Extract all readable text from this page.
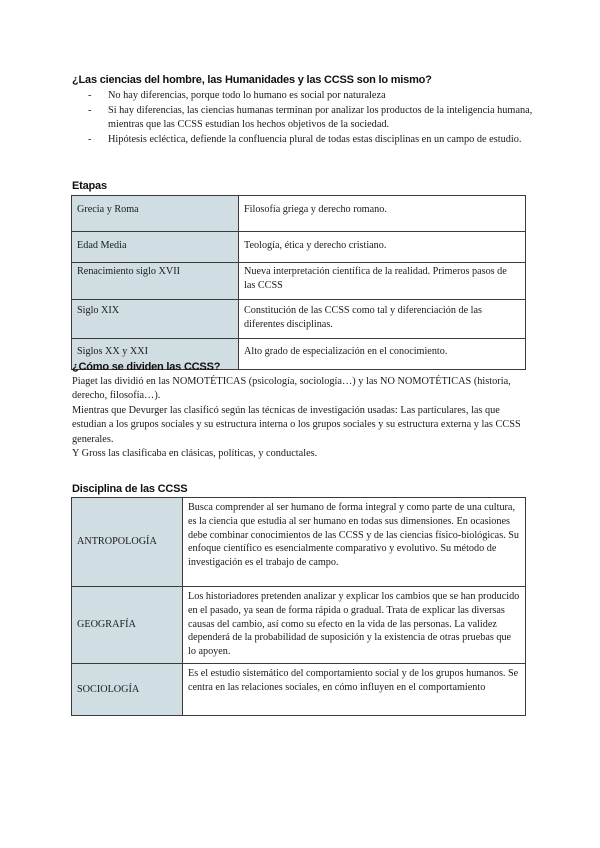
¿Las ciencias del hombre, las Humanidades y las CCSS son lo mismo?
- No hay diferencias, porque todo lo humano es social por naturaleza
- Si hay diferencias, las ciencias humanas terminan por analizar los productos de la inteligencia humana, mientras que las CCSS estudian los hechos objetivos de la sociedad.
- Hipótesis ecléctica, defiende la confluencia plural de todas estas disciplinas en un campo de estudio.
Etapas
Grecia y Roma	Filosofía griega y derecho romano.
Edad Media	Teología, ética y derecho cristiano.
Renacimiento siglo XVII	Nueva interpretación científica de la realidad. Primeros pasos de las CCSS
Siglo XIX	Constitución de las CCSS como tal y diferenciación de las diferentes disciplinas.
Siglos XX y XXI	Alto grado de especialización en el conocimiento.
¿Cómo se dividen las CCSS?

Piaget las dividió en las NOMOTÉTICAS (psicología, sociología…) y las NO NOMOTÉTICAS (historia, derecho, filosofía…).

Mientras que Devurger las clasificó según las técnicas de investigación usadas: Las particulares, las que estudian a los grupos sociales y su estructura interna o los grupos sociales y su estructura externa y las CCSS generales.

Y Gross las clasificaba en clásicas, políticas, y conductales.

Disciplina de las CCSS
ANTROPOLOGÍA	Busca comprender al ser humano de forma integral y como parte de una cultura, es la ciencia que estudia al ser humano en todas sus dimensiones. En ocasiones debe combinar conocimientos de las CCSS y de las ciencias físico-biológicas. Su enfoque científico es esencialmente comparativo y evolutivo. Su método de investigación es el trabajo de campo.
GEOGRAFÍA	Los historiadores pretenden analizar y explicar los cambios que se han producido en el pasado, ya sean de forma rápida o gradual. Trata de explicar las diversas causas del cambio, así como su efecto en la vida de las personas. La validez dependerá de la probabilidad de suposición y la existencia de otras pruebas que lo apoyen.
SOCIOLOGÍA	Es el estudio sistemático del comportamiento social y de los grupos humanos. Se centra en las relaciones sociales, en cómo influyen en el comportamiento
